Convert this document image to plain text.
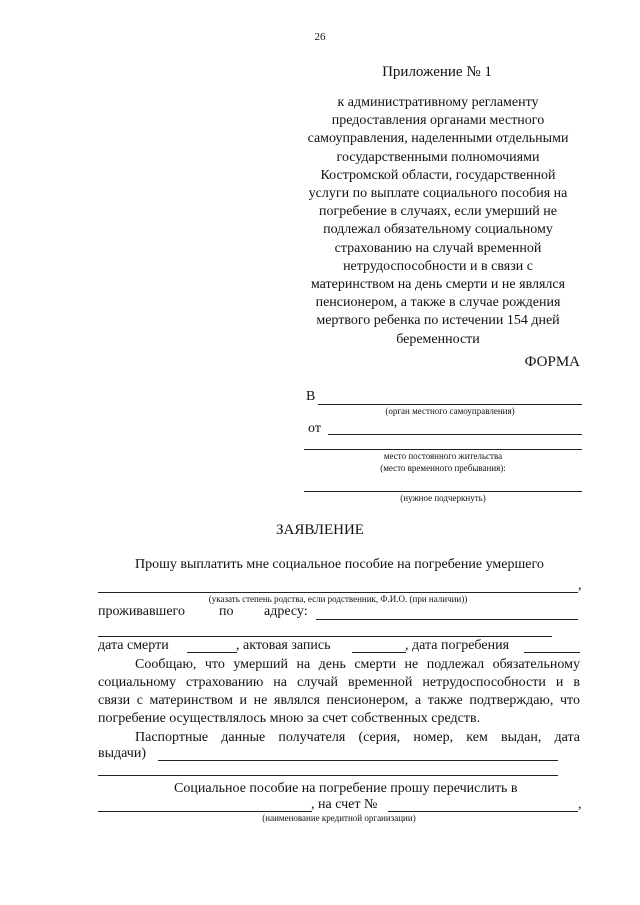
26
Приложение № 1
к административному регламенту
предоставления органами местного
самоуправления, наделенными отдельными
государственными полномочиями
Костромской области, государственной
услуги по выплате социального пособия на
погребение в случаях, если умерший не
подлежал обязательному социальному
страхованию на случай временной
нетрудоспособности и в связи с
материнством на день смерти и не являлся
пенсионером, а также в случае рождения
мертвого ребенка по истечении 154 дней
беременности
ФОРМА
В
(орган местного самоуправления)
от
место постоянного жительства
(место временного пребывания):
(нужное подчеркнуть)
ЗАЯВЛЕНИЕ
Прошу выплатить мне социальное пособие на погребение умершего
,
(указать степень родства, если родственник, Ф.И.О. (при наличии))
проживавшего по адресу:
дата смерти	, актовая запись	, дата погребения
Сообщаю, что умерший на день смерти не подлежал обязательному
социальному страхованию на случай временной нетрудоспособности и в
связи с материнством и не являлся пенсионером, а также подтверждаю, что
погребение осуществлялось мною за счет собственных средств.
Паспортные данные получателя (серия, номер, кем выдан, дата
выдачи)
Социальное пособие на погребение прошу перечислить в
, на счет №	,
(наименование кредитной организации)
